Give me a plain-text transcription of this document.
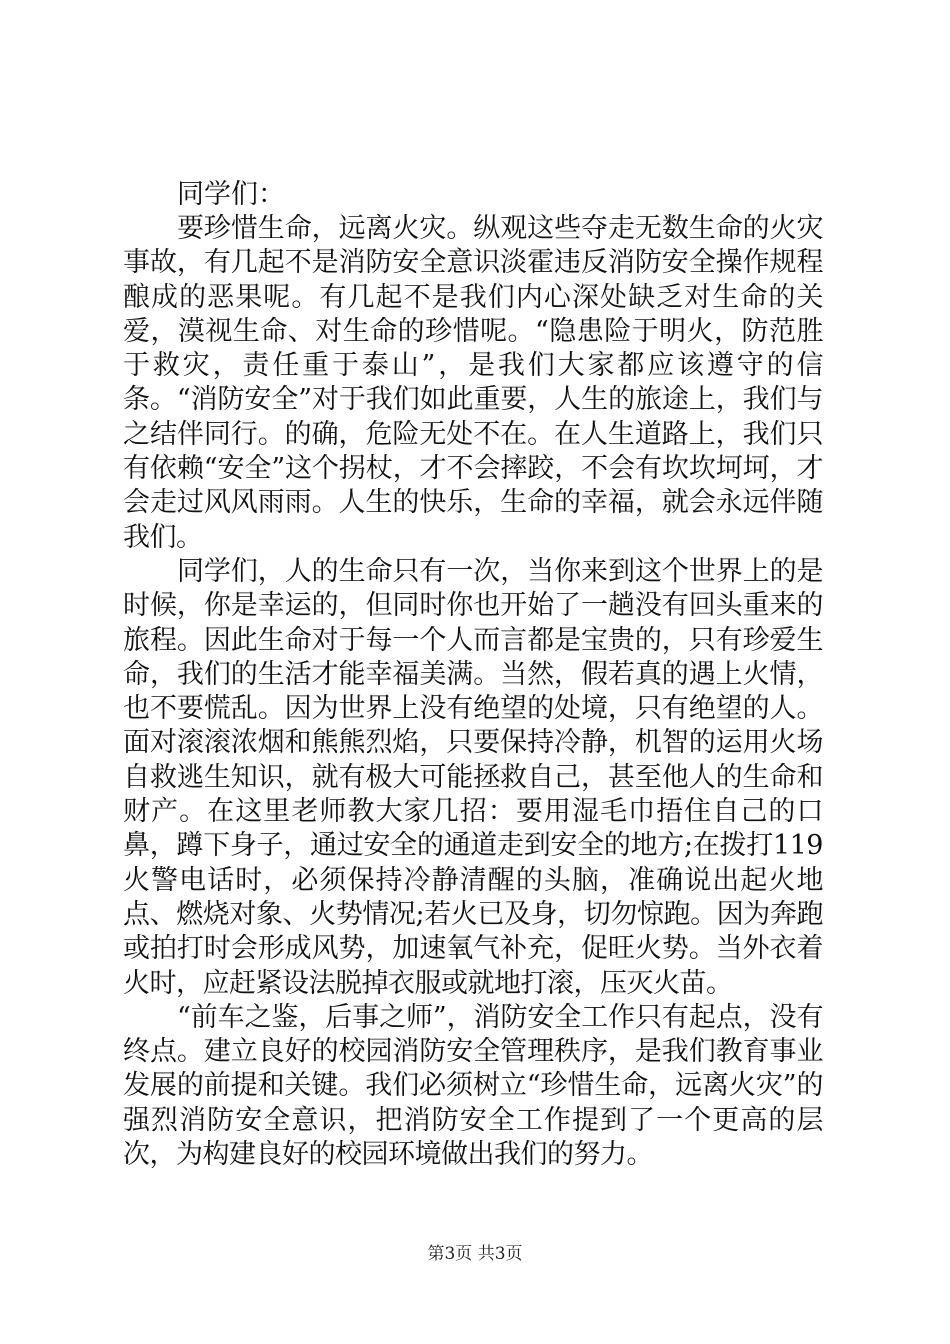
同学们：

要珍惜生命，远离火灾。纵观这些夺走无数生命的火灾事故，有几起不是消防安全意识淡霍违反消防安全操作规程酿成的恶果呢。有几起不是我们内心深处缺乏对生命的关爱，漠视生命、对生命的珍惜呢。“隐患险于明火，防范胜于救灾，责任重于泰山”，是我们大家都应该遵守的信条。“消防安全”对于我们如此重要，人生的旅途上，我们与之结伴同行。的确，危险无处不在。在人生道路上，我们只有依赖“安全”这个拐杖，才不会摔跤，不会有坎坎坷坷，才会走过风风雨雨。人生的快乐，生命的幸福，就会永远伴随我们。

同学们，人的生命只有一次，当你来到这个世界上的是时候，你是幸运的，但同时你也开始了一趟没有回头重来的旅程。因此生命对于每一个人而言都是宝贵的，只有珍爱生命，我们的生活才能幸福美满。当然，假若真的遇上火情，也不要慌乱。因为世界上没有绝望的处境，只有绝望的人。面对滚滚浓烟和熊熊烈焰，只要保持冷静，机智的运用火场自救逃生知识，就有极大可能拯救自己，甚至他人的生命和财产。在这里老师教大家几招：要用湿毛巾捂住自己的口鼻，蹲下身子，通过安全的通道走到安全的地方;在拨打119火警电话时，必须保持冷静清醒的头脑，准确说出起火地点、燃烧对象、火势情况;若火已及身，切勿惊跑。因为奔跑或拍打时会形成风势，加速氧气补充，促旺火势。当外衣着火时，应赶紧设法脱掉衣服或就地打滚，压灭火苗。

“前车之鉴，后事之师”，消防安全工作只有起点，没有终点。建立良好的校园消防安全管理秩序，是我们教育事业发展的前提和关键。我们必须树立“珍惜生命，远离火灾”的强烈消防安全意识，把消防安全工作提到了一个更高的层次，为构建良好的校园环境做出我们的努力。

第3页 共3页
